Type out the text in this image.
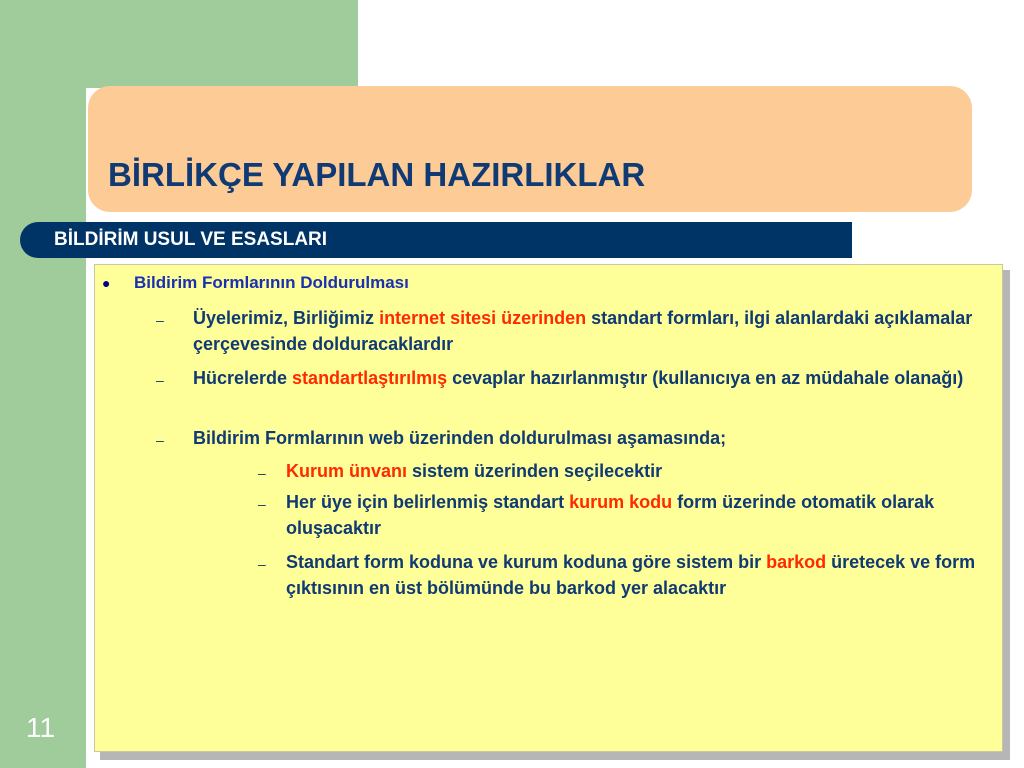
BİRLİKÇE YAPILAN HAZIRLIKLAR
BİLDİRİM USUL VE ESASLARI
● Bildirim Formlarının Doldurulması
– Üyelerimiz, Birliğimiz internet sitesi üzerinden standart formları, ilgi alanlardaki açıklamalar çerçevesinde dolduracaklardır
– Hücrelerde standartlaştırılmış cevaplar hazırlanmıştır (kullanıcıya en az müdahale olanağı)
– Bildirim Formlarının web üzerinden doldurulması aşamasında;
– Kurum ünvanı sistem üzerinden seçilecektir
– Her üye için belirlenmiş standart kurum kodu form üzerinde otomatik olarak oluşacaktır
– Standart form koduna ve kurum koduna göre sistem bir barkod üretecek ve form çıktısının en üst bölümünde bu barkod yer alacaktır
11
